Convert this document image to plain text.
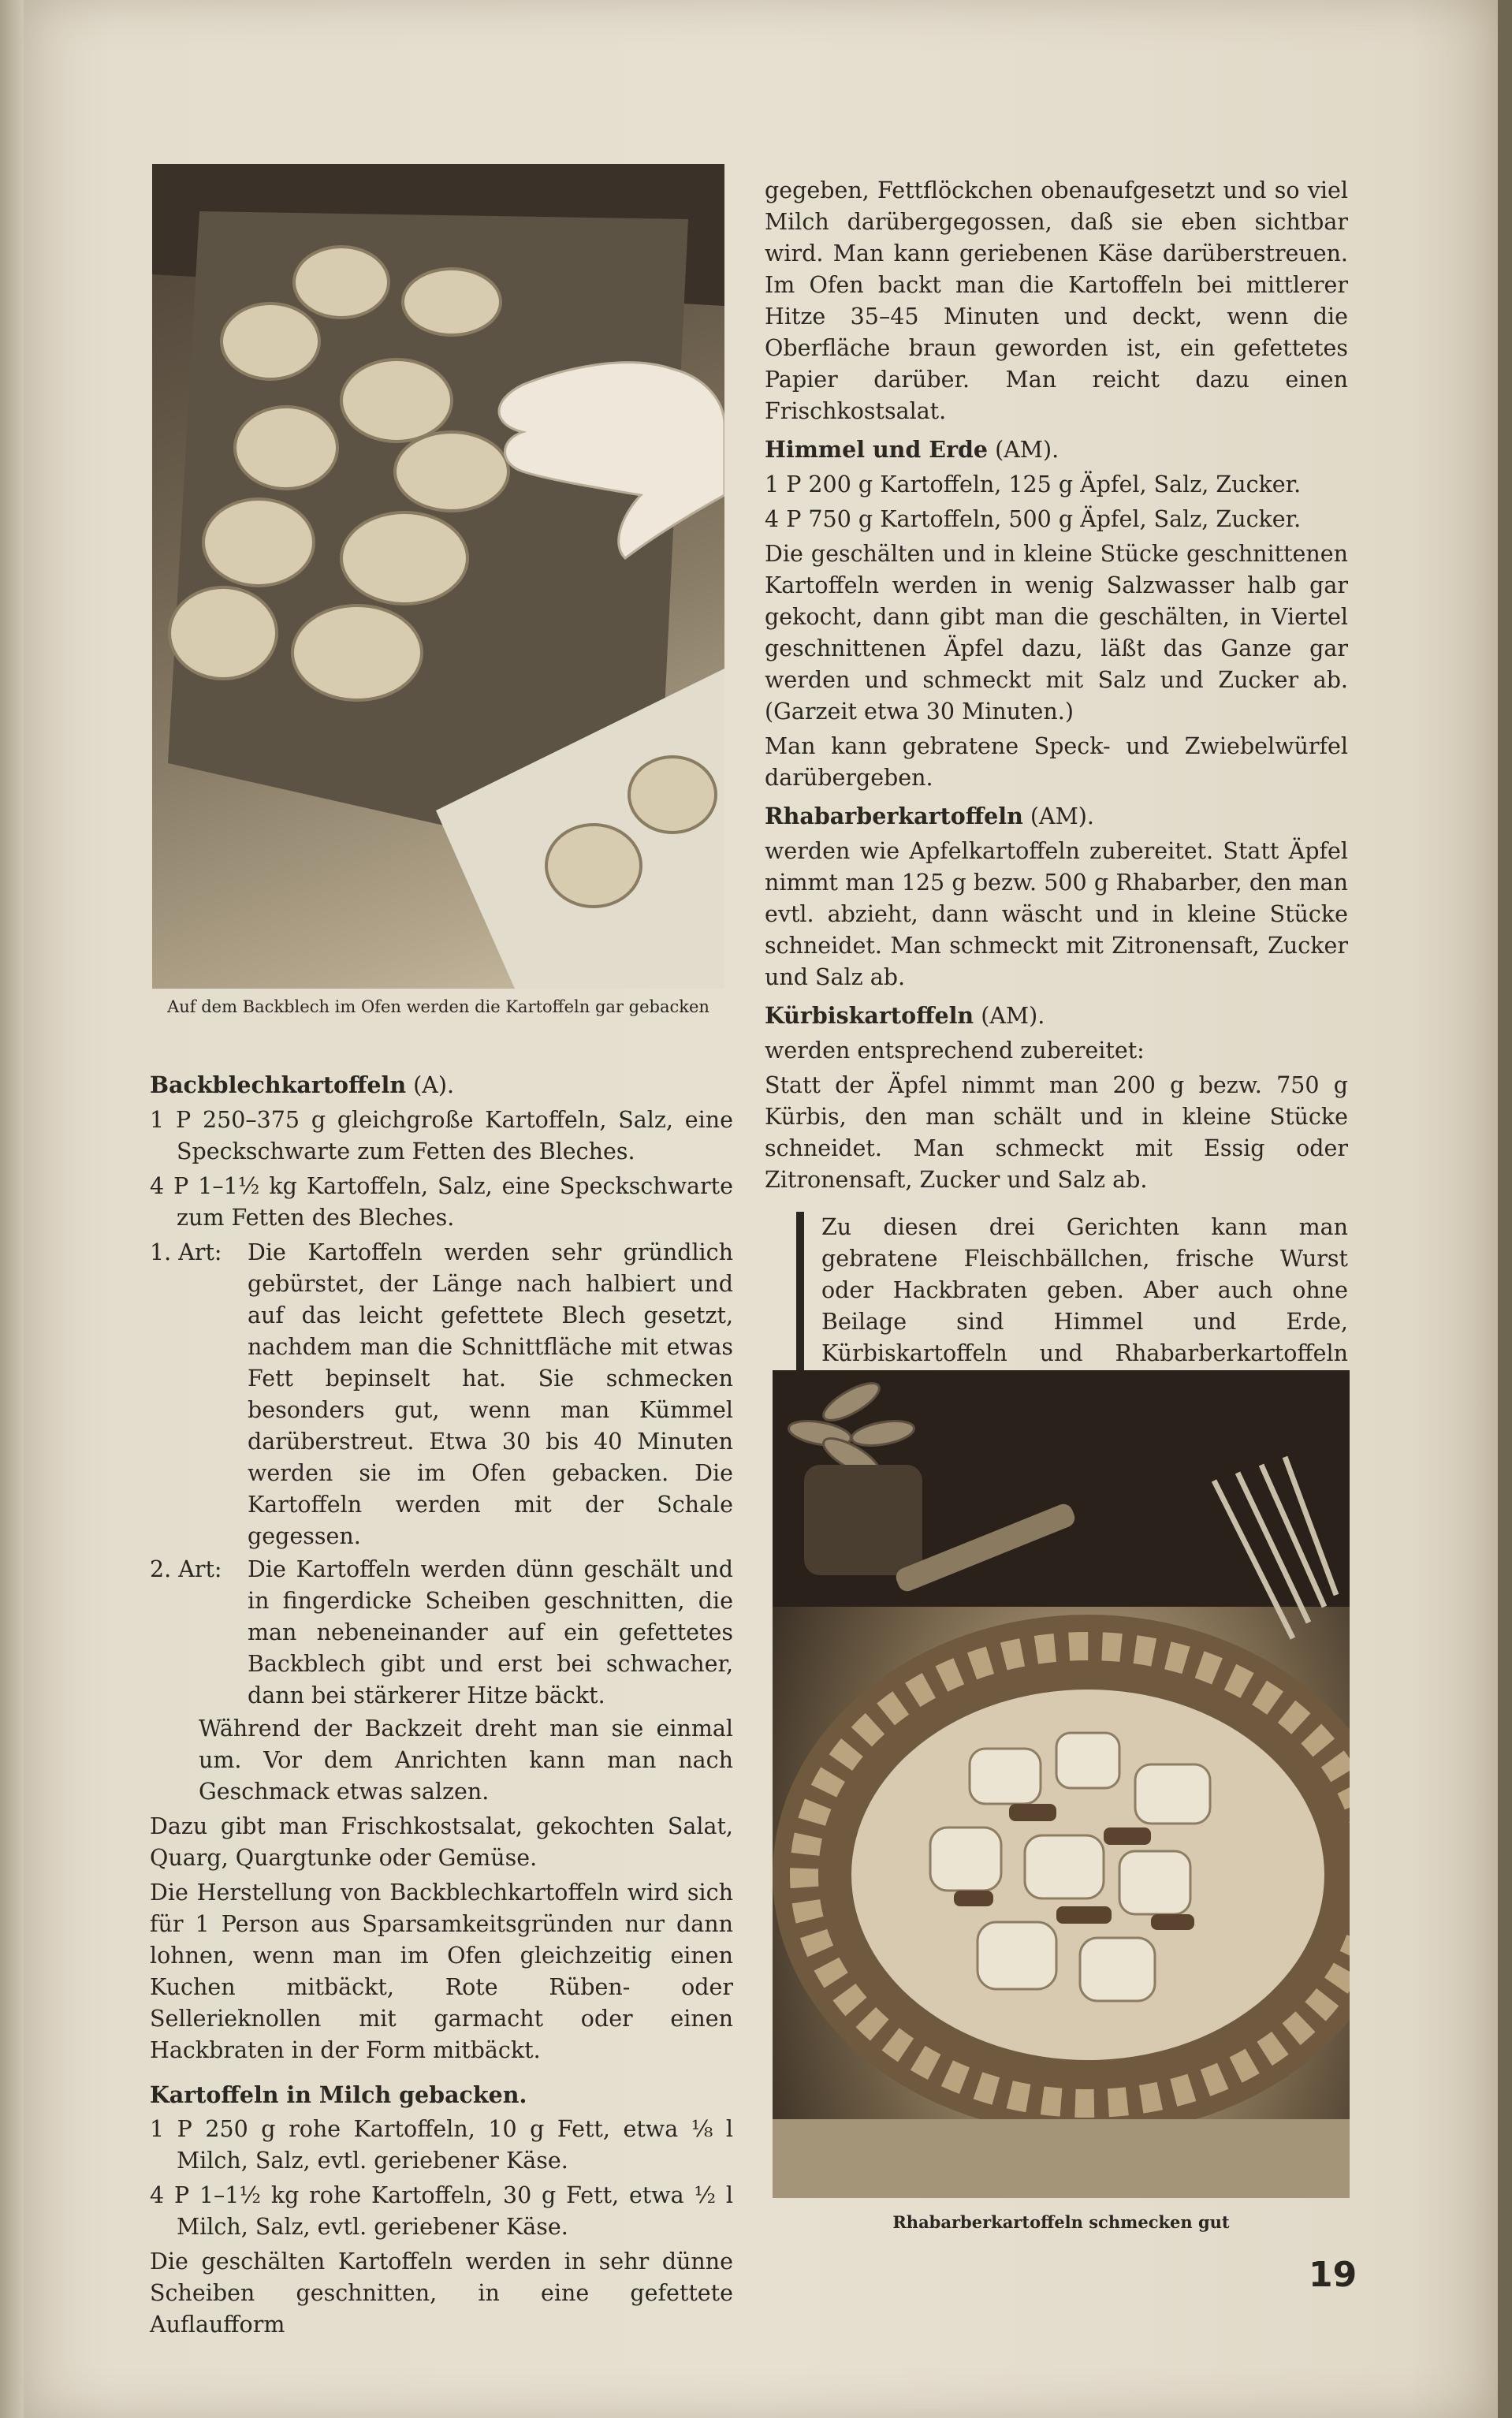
Auf dem Backblech im Ofen werden die Kartoffeln gar gebacken

Backblechkartoffeln (A).

1 P 250–375 g gleichgroße Kartoffeln, Salz, eine Speckschwarte zum Fetten des Bleches.

4 P 1–1½ kg Kartoffeln, Salz, eine Speckschwarte zum Fetten des Bleches.

1. Art:	Die Kartoffeln werden sehr gründlich gebürstet, der Länge nach halbiert und auf das leicht gefettete Blech gesetzt, nachdem man die Schnittfläche mit etwas Fett bepinselt hat. Sie schmecken besonders gut, wenn man Kümmel darüberstreut. Etwa 30 bis 40 Minuten werden sie im Ofen gebacken. Die Kartoffeln werden mit der Schale gegessen.
2. Art:	Die Kartoffeln werden dünn geschält und in fingerdicke Scheiben geschnitten, die man nebeneinander auf ein gefettetes Backblech gibt und erst bei schwacher, dann bei stärkerer Hitze bäckt.

Während der Backzeit dreht man sie einmal um. Vor dem Anrichten kann man nach Geschmack etwas salzen.

Dazu gibt man Frischkostsalat, gekochten Salat, Quarg, Quargtunke oder Gemüse.

Die Herstellung von Backblechkartoffeln wird sich für 1 Person aus Sparsamkeitsgründen nur dann lohnen, wenn man im Ofen gleichzeitig einen Kuchen mitbäckt, Rote Rüben- oder Sellerieknollen mit garmacht oder einen Hackbraten in der Form mitbäckt.

Kartoffeln in Milch gebacken.

1 P 250 g rohe Kartoffeln, 10 g Fett, etwa ⅛ l Milch, Salz, evtl. geriebener Käse.

4 P 1–1½ kg rohe Kartoffeln, 30 g Fett, etwa ½ l Milch, Salz, evtl. geriebener Käse.

Die geschälten Kartoffeln werden in sehr dünne Scheiben geschnitten, in eine gefettete Auflaufform

gegeben, Fettflöckchen obenaufgesetzt und so viel Milch darübergegossen, daß sie eben sichtbar wird. Man kann geriebenen Käse darüberstreuen. Im Ofen backt man die Kartoffeln bei mittlerer Hitze 35–45 Minuten und deckt, wenn die Oberfläche braun geworden ist, ein gefettetes Papier darüber. Man reicht dazu einen Frischkostsalat.

Himmel und Erde (AM).

1 P 200 g Kartoffeln, 125 g Äpfel, Salz, Zucker.

4 P 750 g Kartoffeln, 500 g Äpfel, Salz, Zucker.

Die geschälten und in kleine Stücke geschnittenen Kartoffeln werden in wenig Salzwasser halb gar gekocht, dann gibt man die geschälten, in Viertel geschnittenen Äpfel dazu, läßt das Ganze gar werden und schmeckt mit Salz und Zucker ab. (Garzeit etwa 30 Minuten.)

Man kann gebratene Speck- und Zwiebelwürfel darübergeben.

Rhabarberkartoffeln (AM).

werden wie Apfelkartoffeln zubereitet. Statt Äpfel nimmt man 125 g bezw. 500 g Rhabarber, den man evtl. abzieht, dann wäscht und in kleine Stücke schneidet. Man schmeckt mit Zitronensaft, Zucker und Salz ab.

Kürbiskartoffeln (AM).

werden entsprechend zubereitet:

Statt der Äpfel nimmt man 200 g bezw. 750 g Kürbis, den man schält und in kleine Stücke schneidet. Man schmeckt mit Essig oder Zitronensaft, Zucker und Salz ab.

Zu diesen drei Gerichten kann man gebratene Fleischbällchen, frische Wurst oder Hackbraten geben. Aber auch ohne Beilage sind Himmel und Erde, Kürbiskartoffeln und Rhabarberkartoffeln
Rhabarberkartoffeln schmecken gut
19
